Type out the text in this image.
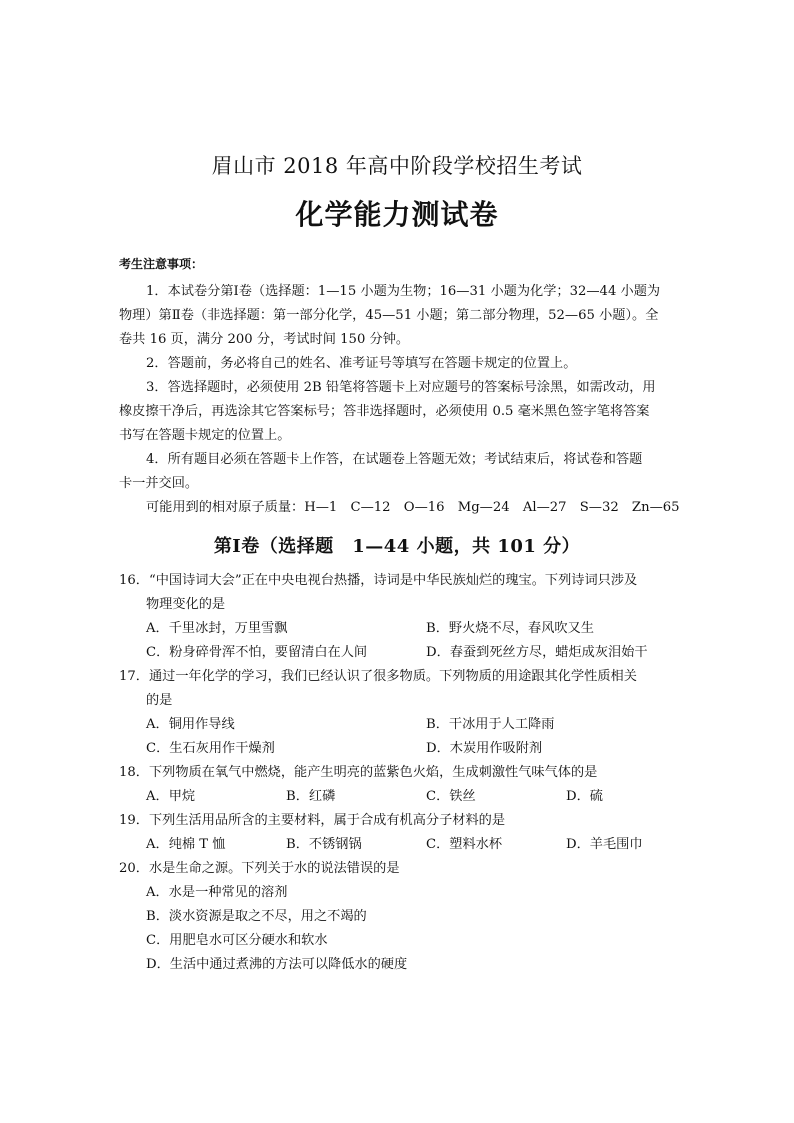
眉山市 2018 年高中阶段学校招生考试
化学能力测试卷
考生注意事项：
1．本试卷分第Ⅰ卷（选择题：1—15 小题为生物；16—31 小题为化学；32—44 小题为
物理）第Ⅱ卷（非选择题：第一部分化学，45—51 小题；第二部分物理，52—65 小题）。全
卷共 16 页，满分 200 分，考试时间 150 分钟。
2．答题前，务必将自己的姓名、准考证号等填写在答题卡规定的位置上。
3．答选择题时，必须使用 2B 铅笔将答题卡上对应题号的答案标号涂黑，如需改动，用
橡皮擦干净后，再选涂其它答案标号；答非选择题时，必须使用 0.5 毫米黑色签字笔将答案
书写在答题卡规定的位置上。
4．所有题目必须在答题卡上作答，在试题卷上答题无效；考试结束后，将试卷和答题
卡一并交回。
可能用到的相对原子质量：H—1　C—12　O—16　Mg—24　Al—27　S—32　Zn—65
第Ⅰ卷（选择题　1—44 小题，共 101 分）
16．“中国诗词大会”正在中央电视台热播，诗词是中华民族灿烂的瑰宝。下列诗词只涉及
物理变化的是
A．千里冰封，万里雪飘	B．野火烧不尽，春风吹又生
C．粉身碎骨浑不怕，要留清白在人间	D．春蚕到死丝方尽，蜡炬成灰泪始干
17．通过一年化学的学习，我们已经认识了很多物质。下列物质的用途跟其化学性质相关
的是
A．铜用作导线	B．干冰用于人工降雨
C．生石灰用作干燥剂	D．木炭用作吸附剂
18．下列物质在氧气中燃烧，能产生明亮的蓝紫色火焰，生成刺激性气味气体的是
A．甲烷	B．红磷	C．铁丝	D．硫
19．下列生活用品所含的主要材料，属于合成有机高分子材料的是
A．纯棉 T 恤	B．不锈钢锅	C．塑料水杯	D．羊毛围巾
20．水是生命之源。下列关于水的说法错误的是
A．水是一种常见的溶剂
B．淡水资源是取之不尽，用之不竭的
C．用肥皂水可区分硬水和软水
D．生活中通过煮沸的方法可以降低水的硬度
